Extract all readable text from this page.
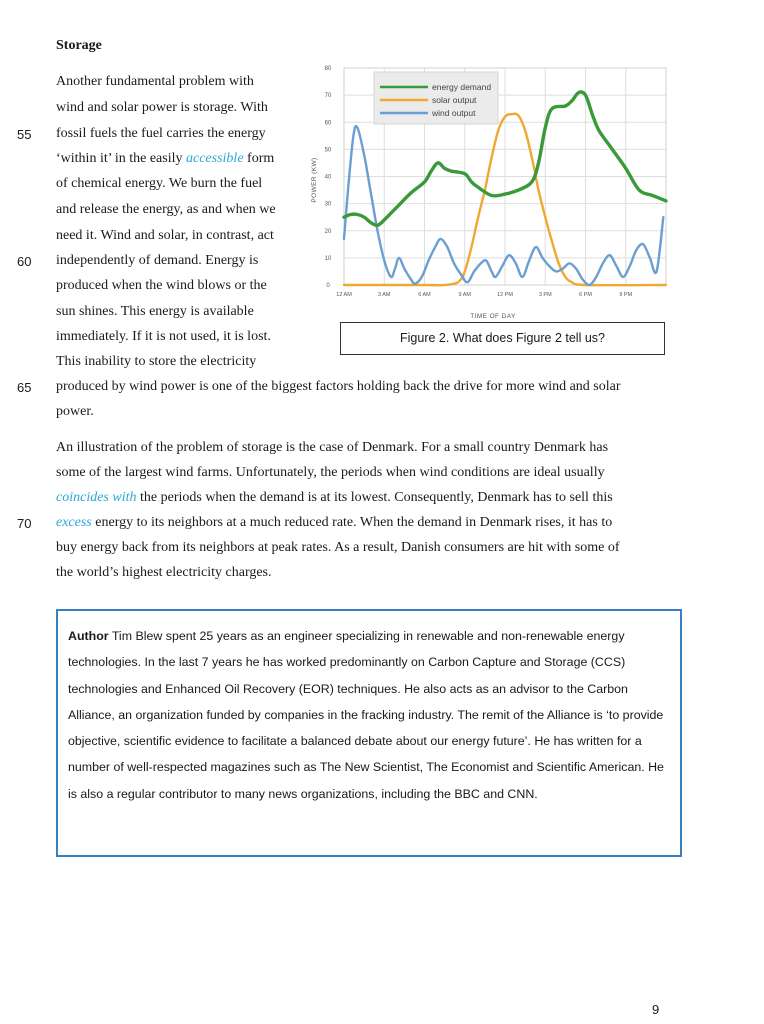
Storage
Another fundamental problem with
wind and solar power is storage. With
fossil fuels the fuel carries the energy
‘within it’ in the easily accessible form
of chemical energy. We burn the fuel
and release the energy, as and when we
need it. Wind and solar, in contrast, act
independently of demand. Energy is
produced when the wind blows or the
sun shines. This energy is available
immediately. If it is not used, it is lost.
This inability to store the electricity
produced by wind power is one of the biggest factors holding back the drive for more wind and solar
power.
An illustration of the problem of storage is the case of Denmark. For a small country Denmark has
some of the largest wind farms. Unfortunately, the periods when wind conditions are ideal usually
coincides with the periods when the demand is at its lowest. Consequently, Denmark has to sell this
excess energy to its neighbors at a much reduced rate. When the demand in Denmark rises, it has to
buy energy back from its neighbors at peak rates. As a result, Danish consumers are hit with some of
the world’s highest electricity charges.
55
60
65
70
0
10
20
30
40
50
60
70
80
12 AM	3 AM	6 AM	9 AM	12 PM	3 PM	6 PM	9 PM
energy demand
solar output
wind output
TIME OF DAY
POWER (KW)
Figure 2. What does Figure 2 tell us?
Author Tim Blew spent 25 years as an engineer specializing in renewable and non-renewable energy technologies. In the last 7 years he has worked predominantly on Carbon Capture and Storage (CCS) technologies and Enhanced Oil Recovery (EOR) techniques. He also acts as an advisor to the Carbon Alliance, an organization funded by companies in the fracking industry. The remit of the Alliance is ‘to provide objective, scientific evidence to facilitate a balanced debate about our energy future’. He has written for a number of well-respected magazines such as The New Scientist, The Economist and Scientific American. He is also a regular contributor to many news organizations, including the BBC and CNN.
9
